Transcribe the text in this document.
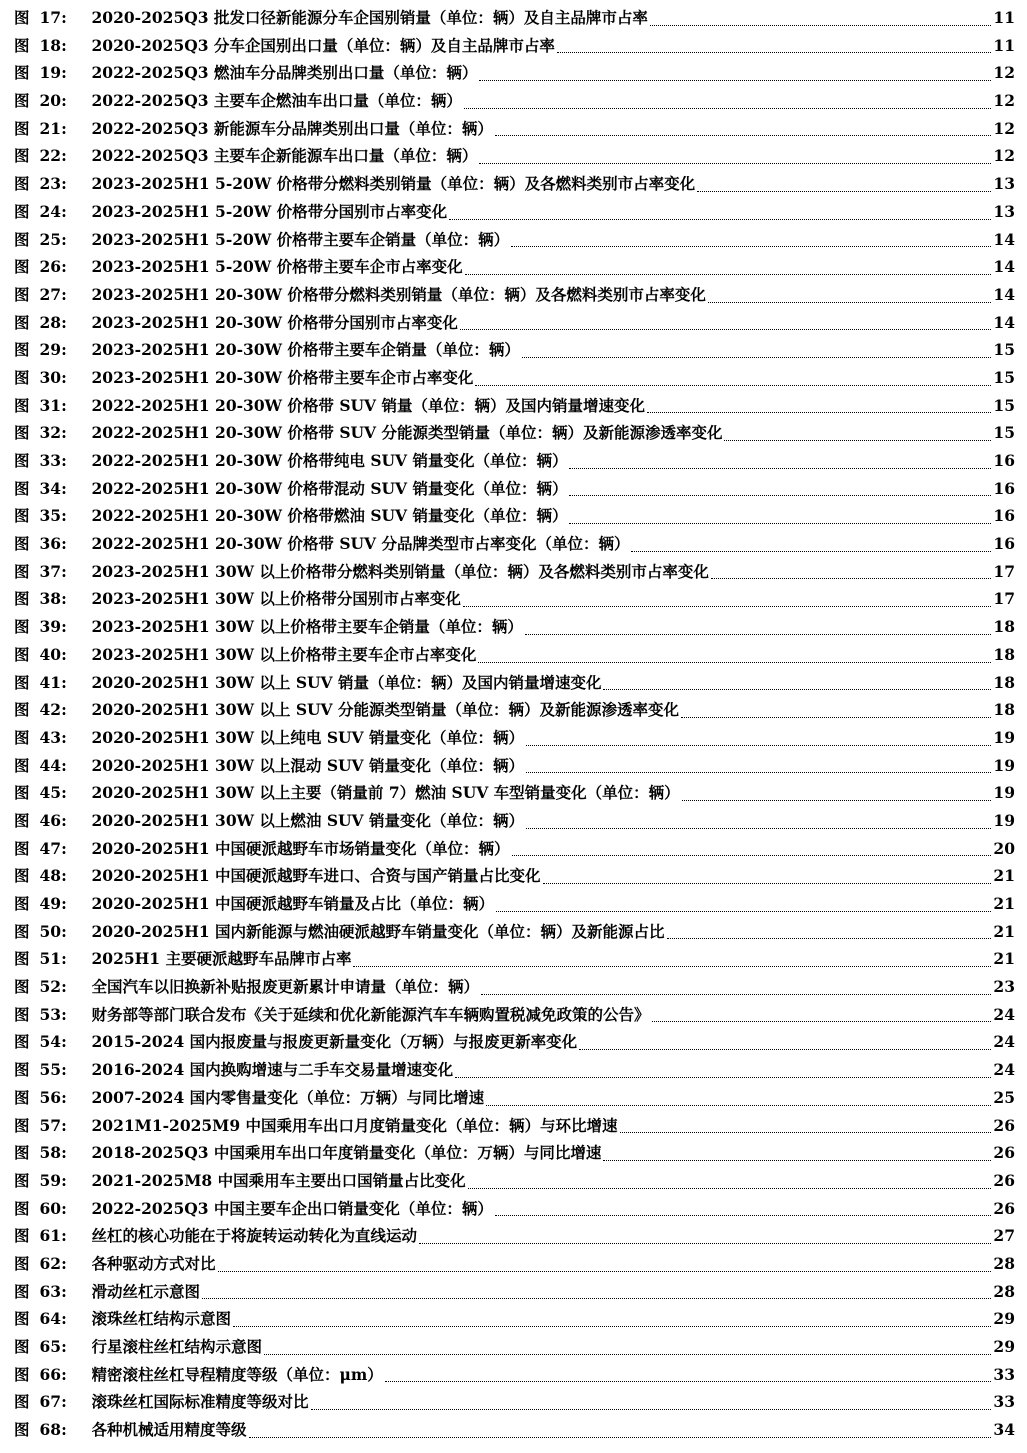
图 17:	2020-2025Q3 批发口径新能源分车企国别销量（单位：辆）及自主品牌市占率	11
图 18:	2020-2025Q3 分车企国别出口量（单位：辆）及自主品牌市占率	11
图 19:	2022-2025Q3 燃油车分品牌类别出口量（单位：辆）	12
图 20:	2022-2025Q3 主要车企燃油车出口量（单位：辆）	12
图 21:	2022-2025Q3 新能源车分品牌类别出口量（单位：辆）	12
图 22:	2022-2025Q3 主要车企新能源车出口量（单位：辆）	12
图 23:	2023-2025H1 5-20W 价格带分燃料类别销量（单位：辆）及各燃料类别市占率变化	13
图 24:	2023-2025H1 5-20W 价格带分国别市占率变化	13
图 25:	2023-2025H1 5-20W 价格带主要车企销量（单位：辆）	14
图 26:	2023-2025H1 5-20W 价格带主要车企市占率变化	14
图 27:	2023-2025H1 20-30W 价格带分燃料类别销量（单位：辆）及各燃料类别市占率变化	14
图 28:	2023-2025H1 20-30W 价格带分国别市占率变化	14
图 29:	2023-2025H1 20-30W 价格带主要车企销量（单位：辆）	15
图 30:	2023-2025H1 20-30W 价格带主要车企市占率变化	15
图 31:	2022-2025H1 20-30W 价格带 SUV 销量（单位：辆）及国内销量增速变化	15
图 32:	2022-2025H1 20-30W 价格带 SUV 分能源类型销量（单位：辆）及新能源渗透率变化	15
图 33:	2022-2025H1 20-30W 价格带纯电 SUV 销量变化（单位：辆）	16
图 34:	2022-2025H1 20-30W 价格带混动 SUV 销量变化（单位：辆）	16
图 35:	2022-2025H1 20-30W 价格带燃油 SUV 销量变化（单位：辆）	16
图 36:	2022-2025H1 20-30W 价格带 SUV 分品牌类型市占率变化（单位：辆）	16
图 37:	2023-2025H1 30W 以上价格带分燃料类别销量（单位：辆）及各燃料类别市占率变化	17
图 38:	2023-2025H1 30W 以上价格带分国别市占率变化	17
图 39:	2023-2025H1 30W 以上价格带主要车企销量（单位：辆）	18
图 40:	2023-2025H1 30W 以上价格带主要车企市占率变化	18
图 41:	2020-2025H1 30W 以上 SUV 销量（单位：辆）及国内销量增速变化	18
图 42:	2020-2025H1 30W 以上 SUV 分能源类型销量（单位：辆）及新能源渗透率变化	18
图 43:	2020-2025H1 30W 以上纯电 SUV 销量变化（单位：辆）	19
图 44:	2020-2025H1 30W 以上混动 SUV 销量变化（单位：辆）	19
图 45:	2020-2025H1 30W 以上主要（销量前 7）燃油 SUV 车型销量变化（单位：辆）	19
图 46:	2020-2025H1 30W 以上燃油 SUV 销量变化（单位：辆）	19
图 47:	2020-2025H1 中国硬派越野车市场销量变化（单位：辆）	20
图 48:	2020-2025H1 中国硬派越野车进口、合资与国产销量占比变化	21
图 49:	2020-2025H1 中国硬派越野车销量及占比（单位：辆）	21
图 50:	2020-2025H1 国内新能源与燃油硬派越野车销量变化（单位：辆）及新能源占比	21
图 51:	2025H1 主要硬派越野车品牌市占率	21
图 52:	全国汽车以旧换新补贴报废更新累计申请量（单位：辆）	23
图 53:	财务部等部门联合发布《关于延续和优化新能源汽车车辆购置税减免政策的公告》	24
图 54:	2015-2024 国内报废量与报废更新量变化（万辆）与报废更新率变化	24
图 55:	2016-2024 国内换购增速与二手车交易量增速变化	24
图 56:	2007-2024 国内零售量变化（单位：万辆）与同比增速	25
图 57:	2021M1-2025M9 中国乘用车出口月度销量变化（单位：辆）与环比增速	26
图 58:	2018-2025Q3 中国乘用车出口年度销量变化（单位：万辆）与同比增速	26
图 59:	2021-2025M8 中国乘用车主要出口国销量占比变化	26
图 60:	2022-2025Q3 中国主要车企出口销量变化（单位：辆）	26
图 61:	丝杠的核心功能在于将旋转运动转化为直线运动	27
图 62:	各种驱动方式对比	28
图 63:	滑动丝杠示意图	28
图 64:	滚珠丝杠结构示意图	29
图 65:	行星滚柱丝杠结构示意图	29
图 66:	精密滚柱丝杠导程精度等级（单位：μm）	33
图 67:	滚珠丝杠国际标准精度等级对比	33
图 68:	各种机械适用精度等级	34
